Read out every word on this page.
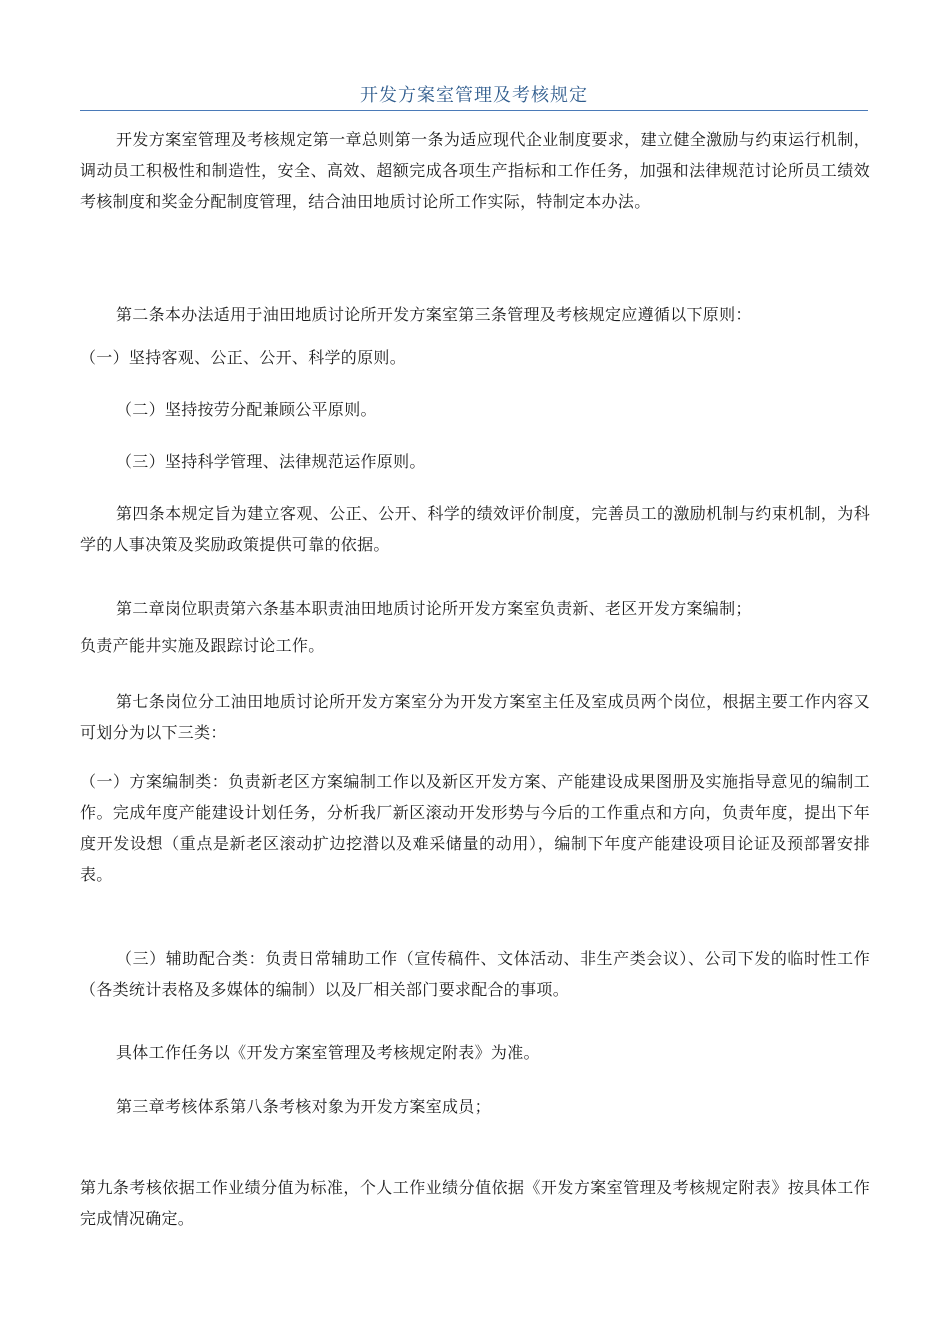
开发方案室管理及考核规定

开发方案室管理及考核规定第一章总则第一条为适应现代企业制度要求，建立健全激励与约束运行机制，调动员工积极性和制造性，安全、高效、超额完成各项生产指标和工作任务，加强和法律规范讨论所员工绩效考核制度和奖金分配制度管理，结合油田地质讨论所工作实际，特制定本办法。

第二条本办法适用于油田地质讨论所开发方案室第三条管理及考核规定应遵循以下原则：

（一）坚持客观、公正、公开、科学的原则。

（二）坚持按劳分配兼顾公平原则。

（三）坚持科学管理、法律规范运作原则。

第四条本规定旨为建立客观、公正、公开、科学的绩效评价制度，完善员工的激励机制与约束机制，为科学的人事决策及奖励政策提供可靠的依据。

第二章岗位职责第六条基本职责油田地质讨论所开发方案室负责新、老区开发方案编制；

负责产能井实施及跟踪讨论工作。

第七条岗位分工油田地质讨论所开发方案室分为开发方案室主任及室成员两个岗位，根据主要工作内容又可划分为以下三类：

（一）方案编制类：负责新老区方案编制工作以及新区开发方案、产能建设成果图册及实施指导意见的编制工作。完成年度产能建设计划任务，分析我厂新区滚动开发形势与今后的工作重点和方向，负责年度，提出下年度开发设想（重点是新老区滚动扩边挖潜以及难采储量的动用），编制下年度产能建设项目论证及预部署安排表。

（三）辅助配合类：负责日常辅助工作（宣传稿件、文体活动、非生产类会议）、公司下发的临时性工作（各类统计表格及多媒体的编制）以及厂相关部门要求配合的事项。

具体工作任务以《开发方案室管理及考核规定附表》为准。

第三章考核体系第八条考核对象为开发方案室成员；

第九条考核依据工作业绩分值为标准，个人工作业绩分值依据《开发方案室管理及考核规定附表》按具体工作完成情况确定。
